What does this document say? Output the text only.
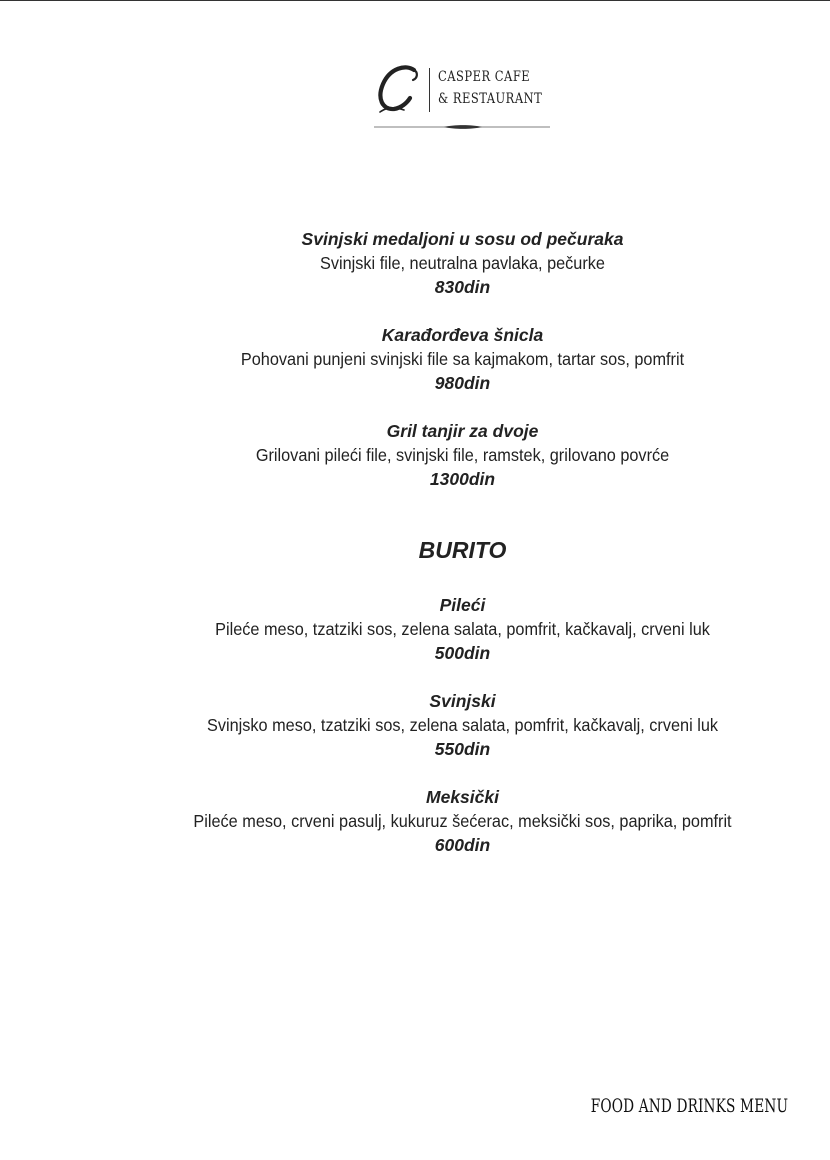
CASPER CAFE
& RESTAURANT
Svinjski medaljoni u sosu od pečuraka
Svinjski file, neutralna pavlaka, pečurke
830din
Karađorđeva šnicla
Pohovani punjeni svinjski file sa kajmakom, tartar sos, pomfrit
980din
Gril tanjir za dvoje
Grilovani pileći file, svinjski file, ramstek, grilovano povrće
1300din
BURITO
Pileći
Pileće meso, tzatziki sos, zelena salata, pomfrit, kačkavalj, crveni luk
500din
Svinjski
Svinjsko meso, tzatziki sos, zelena salata, pomfrit, kačkavalj, crveni luk
550din
Meksički
Pileće meso, crveni pasulj, kukuruz šećerac, meksički sos, paprika, pomfrit
600din
FOOD AND DRINKS MENU
